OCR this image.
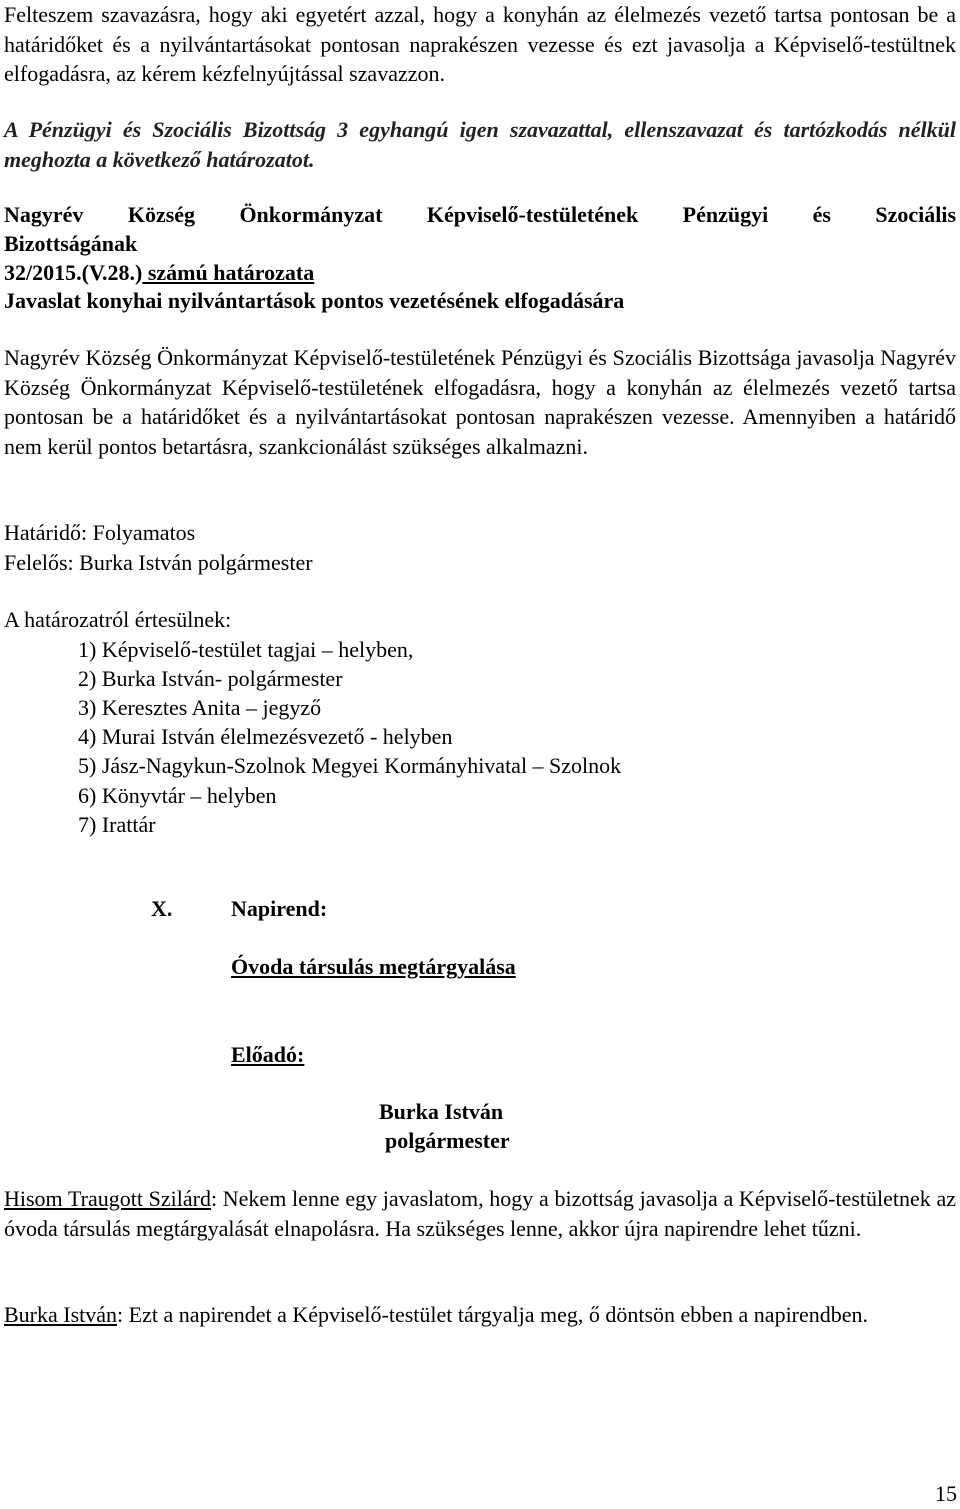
Felteszem szavazásra, hogy aki egyetért azzal, hogy a konyhán az élelmezés vezető tartsa pontosan be a határidőket és a nyilvántartásokat pontosan naprakészen vezesse és ezt javasolja a Képviselő-testültnek elfogadásra, az kérem kézfelnyújtással szavazzon.

A Pénzügyi és Szociális Bizottság 3 egyhangú igen szavazattal, ellenszavazat és tartózkodás nélkül meghozta a következő határozatot.

Nagyrév Község Önkormányzat Képviselő-testületének Pénzügyi és Szociális
Bizottságának
32/2015.(V.28.) számú határozata
Javaslat konyhai nyilvántartások pontos vezetésének elfogadására

Nagyrév Község Önkormányzat Képviselő-testületének Pénzügyi és Szociális Bizottsága javasolja Nagyrév Község Önkormányzat Képviselő-testületének elfogadásra, hogy a konyhán az élelmezés vezető tartsa pontosan be a határidőket és a nyilvántartásokat pontosan naprakészen vezesse. Amennyiben a határidő nem kerül pontos betartásra, szankcionálást szükséges alkalmazni.

Határidő: Folyamatos
Felelős: Burka István polgármester
A határozatról értesülnek:
1) Képviselő-testület tagjai – helyben,
2) Burka István- polgármester
3) Keresztes Anita – jegyző
4) Murai István élelmezésvezető - helyben
5) Jász-Nagykun-Szolnok Megyei Kormányhivatal – Szolnok
6) Könyvtár – helyben
7) Irattár
X.	Napirend:
Óvoda társulás megtárgyalása
Előadó:
Burka István
polgármester

Hisom Traugott Szilárd: Nekem lenne egy javaslatom, hogy a bizottság javasolja a Képviselő-testületnek az óvoda társulás megtárgyalását elnapolásra. Ha szükséges lenne, akkor újra napirendre lehet tűzni.

Burka István: Ezt a napirendet a Képviselő-testület tárgyalja meg, ő döntsön ebben a napirendben.

15
